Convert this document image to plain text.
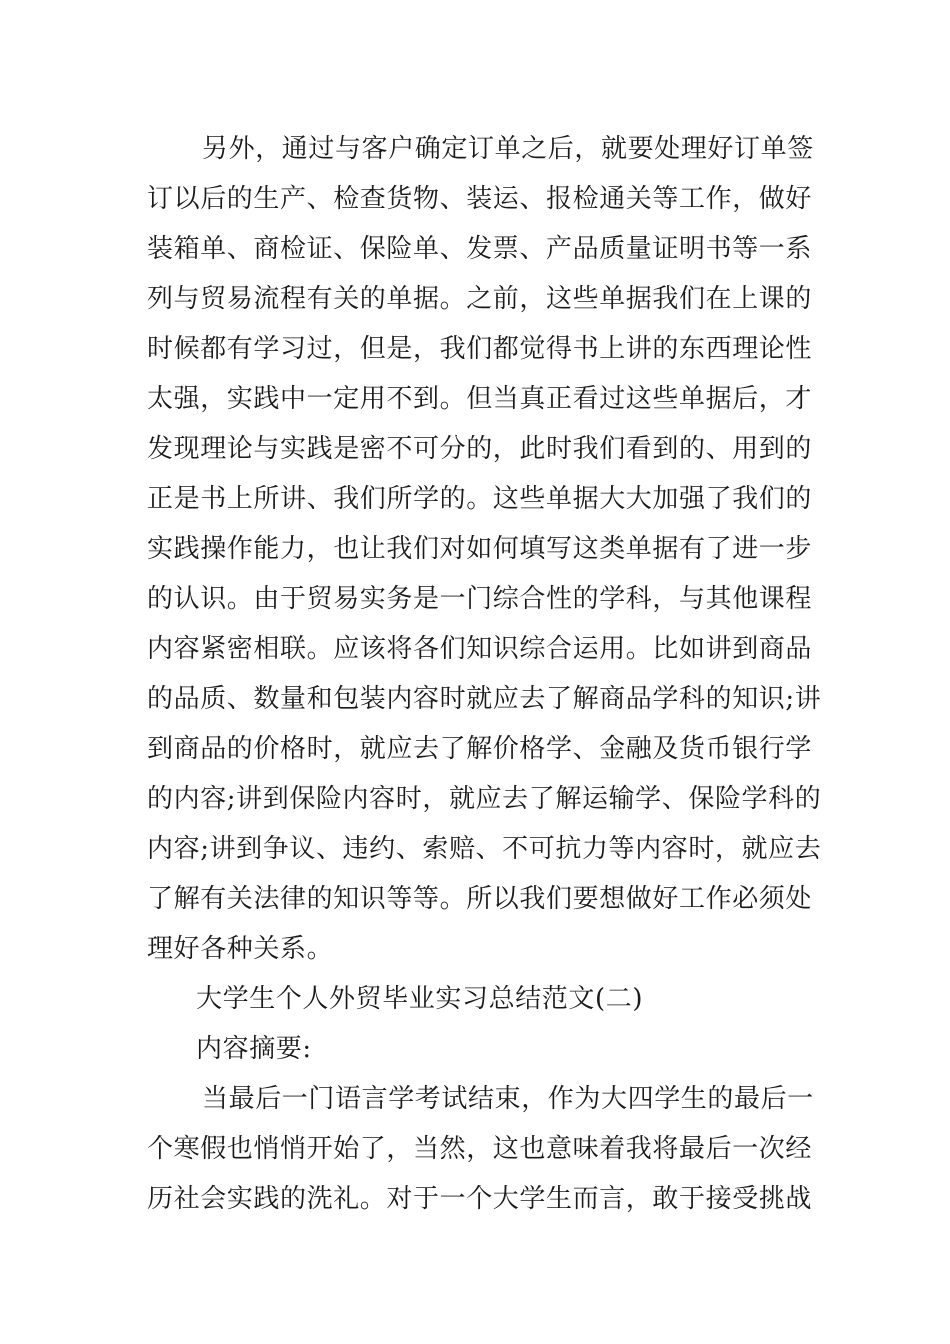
另外，通过与客户确定订单之后，就要处理好订单签
订以后的生产、检查货物、装运、报检通关等工作，做好
装箱单、商检证、保险单、发票、产品质量证明书等一系
列与贸易流程有关的单据。之前，这些单据我们在上课的
时候都有学习过，但是，我们都觉得书上讲的东西理论性
太强，实践中一定用不到。但当真正看过这些单据后，才
发现理论与实践是密不可分的，此时我们看到的、用到的
正是书上所讲、我们所学的。这些单据大大加强了我们的
实践操作能力，也让我们对如何填写这类单据有了进一步
的认识。由于贸易实务是一门综合性的学科，与其他课程
内容紧密相联。应该将各们知识综合运用。比如讲到商品
的品质、数量和包装内容时就应去了解商品学科的知识;讲
到商品的价格时，就应去了解价格学、金融及货币银行学
的内容;讲到保险内容时，就应去了解运输学、保险学科的
内容;讲到争议、违约、索赔、不可抗力等内容时，就应去
了解有关法律的知识等等。所以我们要想做好工作必须处
理好各种关系。
大学生个人外贸毕业实习总结范文(二)
内容摘要:
当最后一门语言学考试结束，作为大四学生的最后一
个寒假也悄悄开始了，当然，这也意味着我将最后一次经
历社会实践的洗礼。对于一个大学生而言，敢于接受挑战
